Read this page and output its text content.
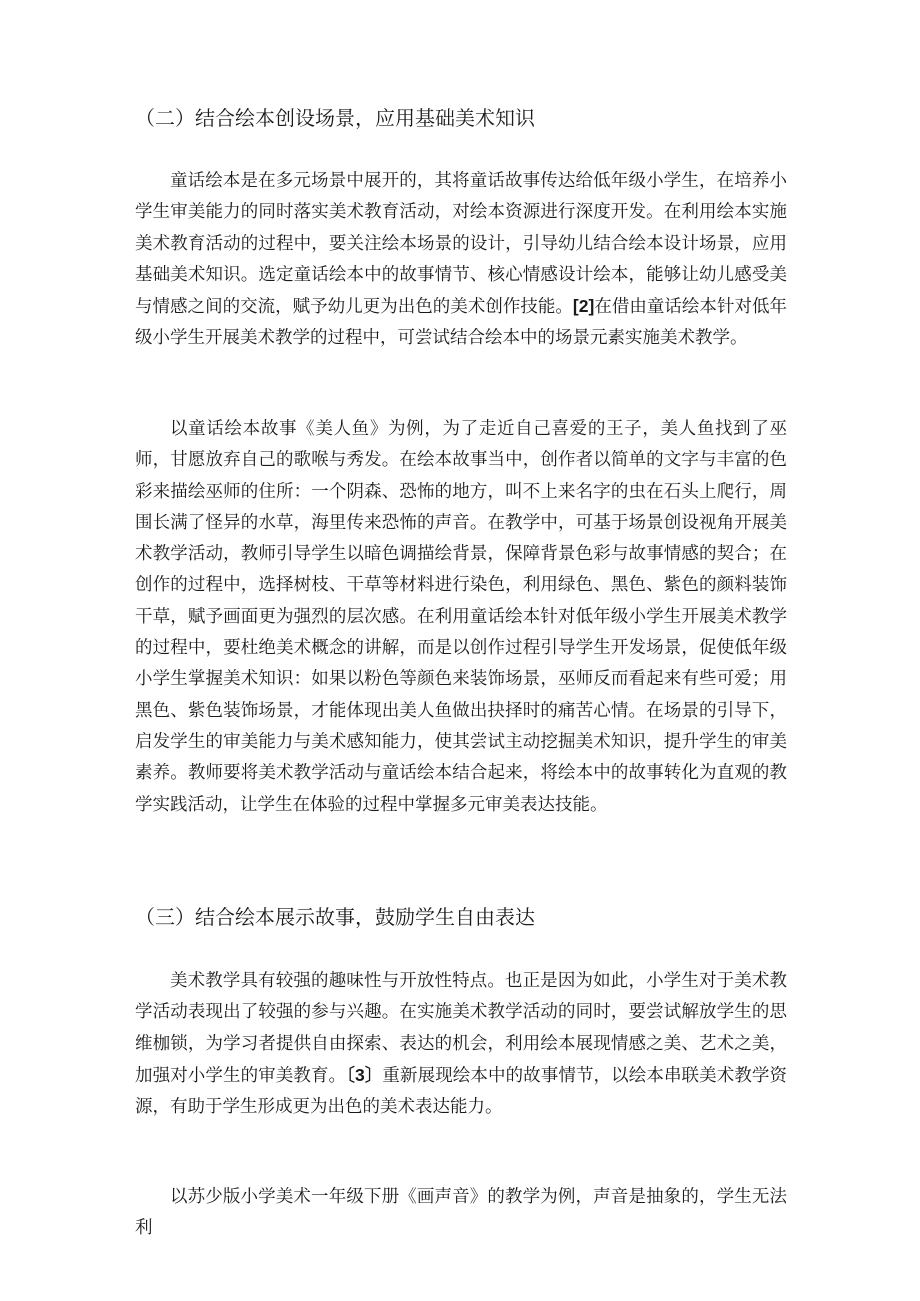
（二）结合绘本创设场景，应用基础美术知识

童话绘本是在多元场景中展开的，其将童话故事传达给低年级小学生，在培养小学生审美能力的同时落实美术教育活动，对绘本资源进行深度开发。在利用绘本实施美术教育活动的过程中，要关注绘本场景的设计，引导幼儿结合绘本设计场景，应用基础美术知识。选定童话绘本中的故事情节、核心情感设计绘本，能够让幼儿感受美与情感之间的交流，赋予幼儿更为出色的美术创作技能。[2]在借由童话绘本针对低年级小学生开展美术教学的过程中，可尝试结合绘本中的场景元素实施美术教学。

以童话绘本故事《美人鱼》为例，为了走近自己喜爱的王子，美人鱼找到了巫师，甘愿放弃自己的歌喉与秀发。在绘本故事当中，创作者以简单的文字与丰富的色彩来描绘巫师的住所：一个阴森、恐怖的地方，叫不上来名字的虫在石头上爬行，周围长满了怪异的水草，海里传来恐怖的声音。在教学中，可基于场景创设视角开展美术教学活动，教师引导学生以暗色调描绘背景，保障背景色彩与故事情感的契合；在创作的过程中，选择树枝、干草等材料进行染色，利用绿色、黑色、紫色的颜料装饰干草，赋予画面更为强烈的层次感。在利用童话绘本针对低年级小学生开展美术教学的过程中，要杜绝美术概念的讲解，而是以创作过程引导学生开发场景，促使低年级小学生掌握美术知识：如果以粉色等颜色来装饰场景，巫师反而看起来有些可爱；用黑色、紫色装饰场景，才能体现出美人鱼做出抉择时的痛苦心情。在场景的引导下，启发学生的审美能力与美术感知能力，使其尝试主动挖掘美术知识，提升学生的审美素养。教师要将美术教学活动与童话绘本结合起来，将绘本中的故事转化为直观的教学实践活动，让学生在体验的过程中掌握多元审美表达技能。

（三）结合绘本展示故事，鼓励学生自由表达

美术教学具有较强的趣味性与开放性特点。也正是因为如此，小学生对于美术教学活动表现出了较强的参与兴趣。在实施美术教学活动的同时，要尝试解放学生的思维枷锁，为学习者提供自由探索、表达的机会，利用绘本展现情感之美、艺术之美，加强对小学生的审美教育。〔3〕重新展现绘本中的故事情节，以绘本串联美术教学资源，有助于学生形成更为出色的美术表达能力。

以苏少版小学美术一年级下册《画声音》的教学为例，声音是抽象的，学生无法利
